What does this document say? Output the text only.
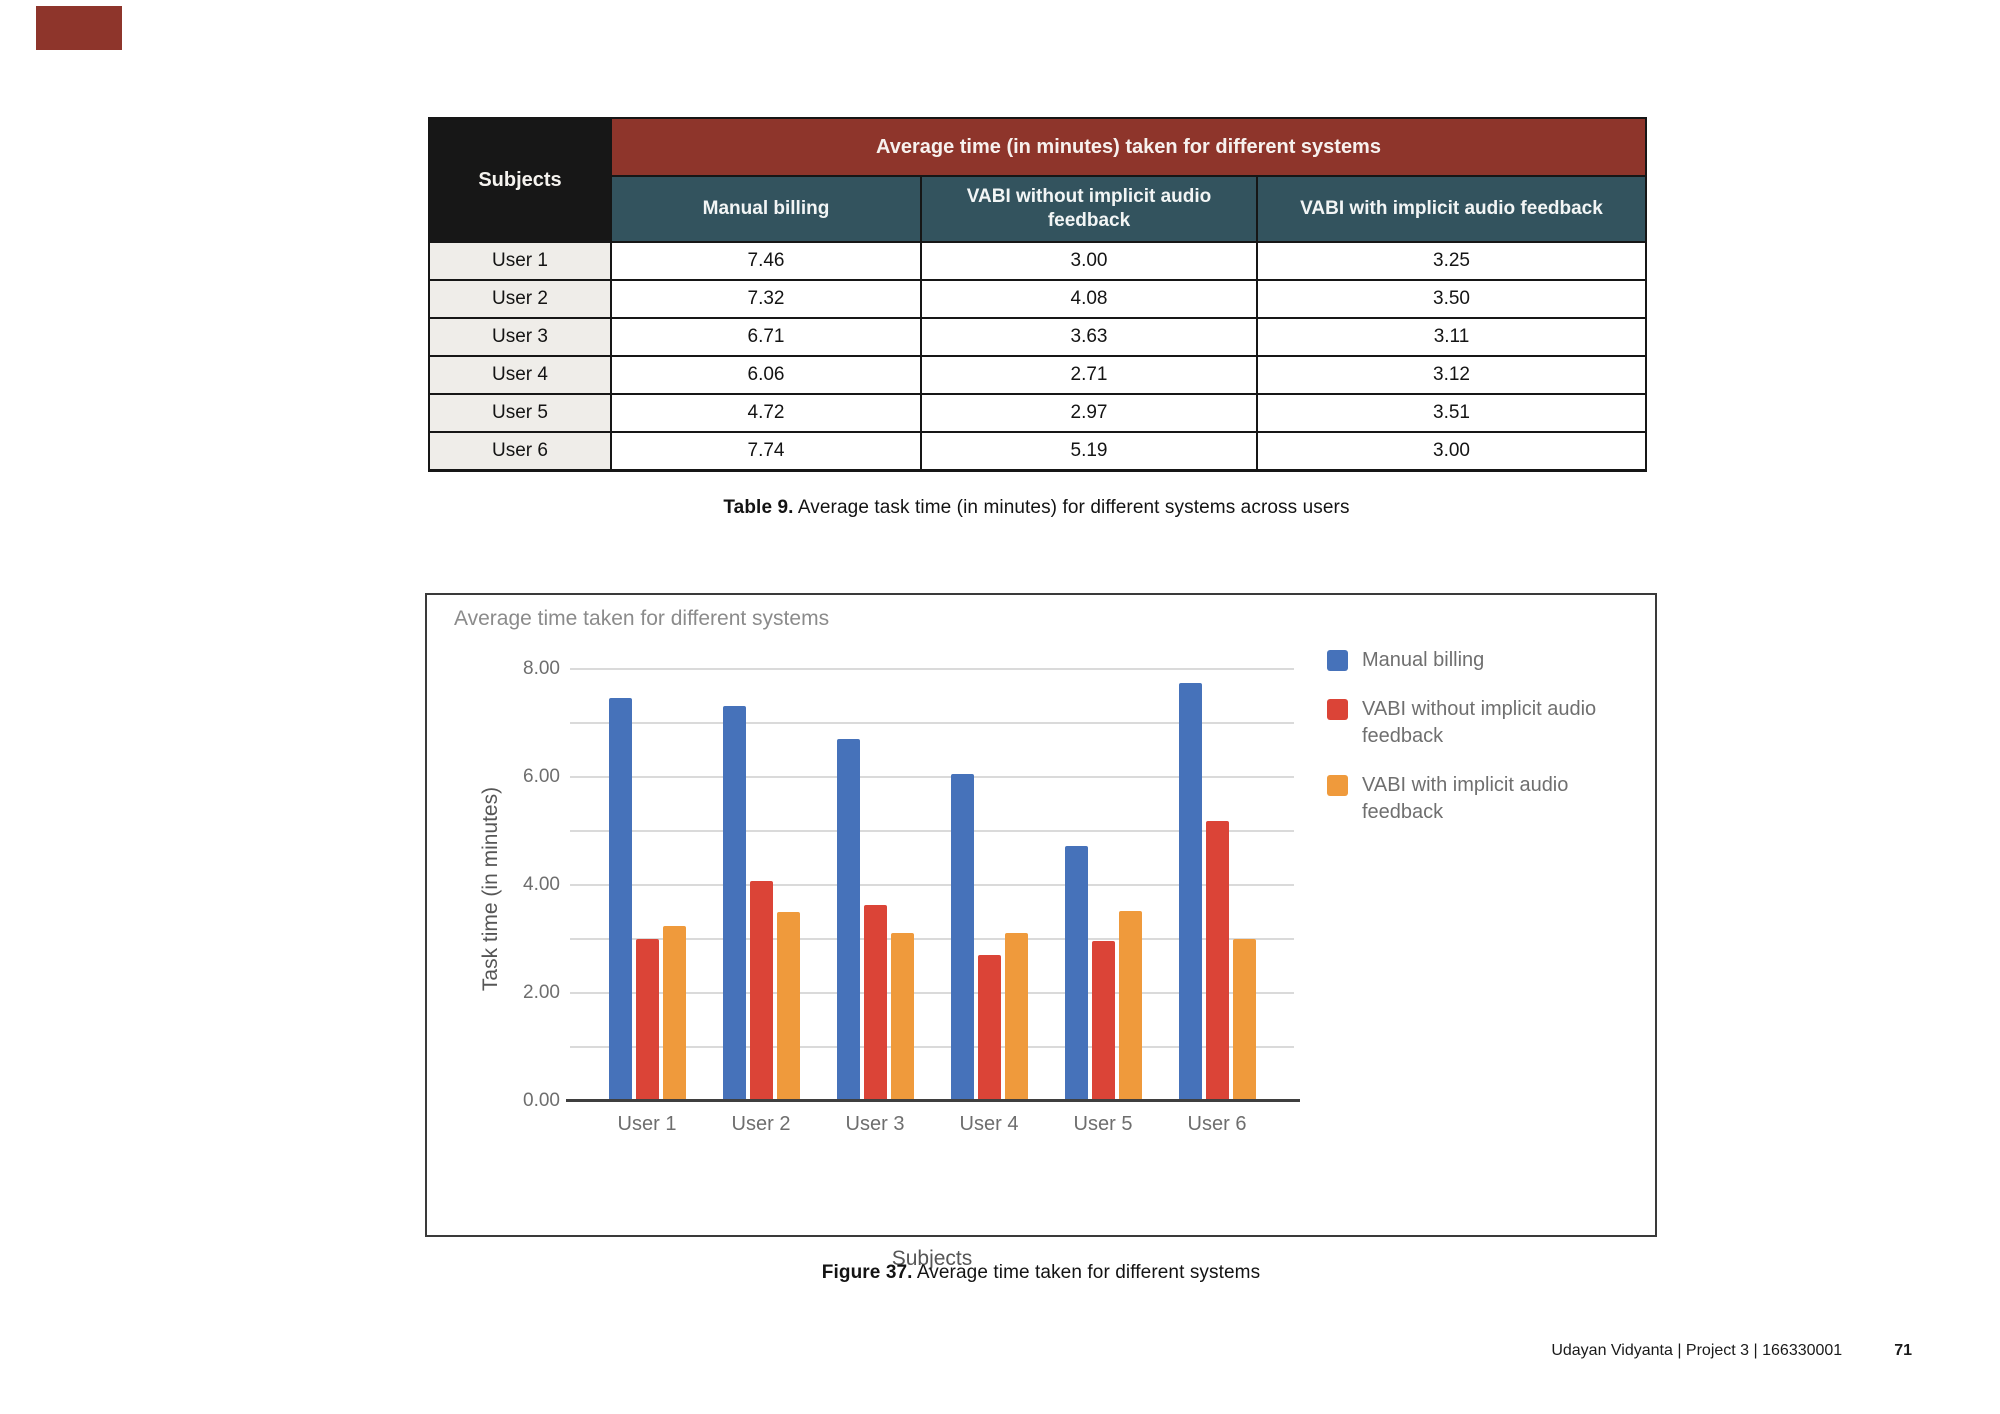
Subjects	Average time (in minutes) taken for different systems		
	Manual billing	VABI without implicit audio feedback	VABI with implicit audio feedback
User 1	7.46	3.00	3.25
User 2	7.32	4.08	3.50
User 3	6.71	3.63	3.11
User 4	6.06	2.71	3.12
User 5	4.72	2.97	3.51
User 6	7.74	5.19	3.00
Table 9. Average task time (in minutes) for different systems across users
Average time taken for different systems
User 1	User 2	User 3	User 4	User 5	User 6
0.00
2.00
4.00
6.00
8.00
Task time (in minutes)
Subjects
Manual billing
VABI without implicit audio feedback
VABI with implicit audio feedback
Figure 37. Average time taken for different systems
Udayan Vidyanta | Project 3 | 166330001	71
